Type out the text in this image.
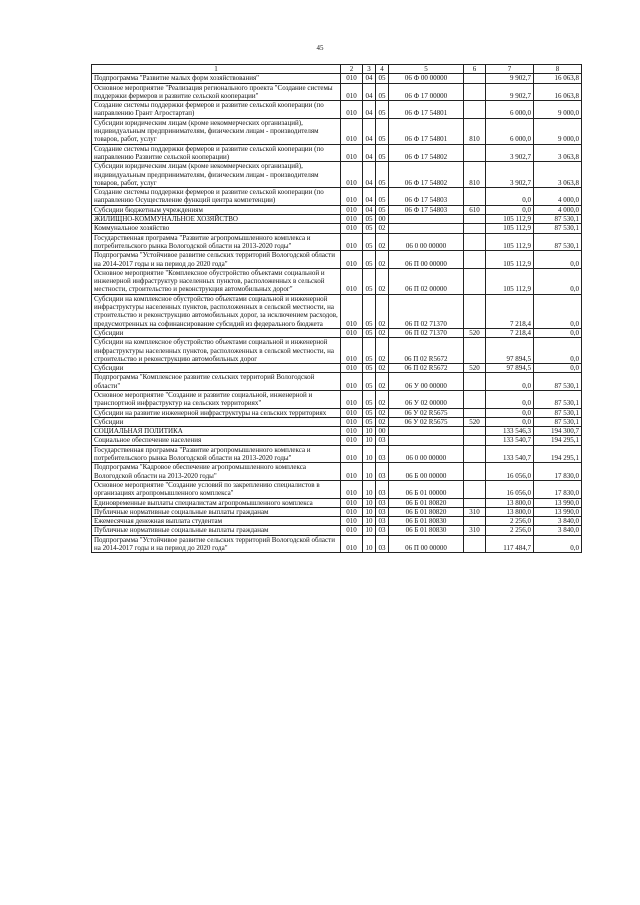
45
1	2	3	4	5	6	7	8
Подпрограмма "Развитие малых форм хозяйствования"	010	04	05	06 Ф 00 00000		9 902,7	16 063,8
Основное мероприятие "Реализация регионального проекта "Создание системы поддержки фермеров и развитие сельской кооперации"	010	04	05	06 Ф 17 00000		9 902,7	16 063,8
Создание системы поддержки фермеров и развитие сельской кооперации (по направлению Грант Агростартап)	010	04	05	06 Ф 17 54801		6 000,0	9 000,0
Субсидии юридическим лицам (кроме некоммерческих организаций), индивидуальным предпринимателям, физическим лицам - производителям товаров, работ, услуг	010	04	05	06 Ф 17 54801	810	6 000,0	9 000,0
Создание системы поддержки фермеров и развитие сельской кооперации (по направлению Развитие сельской кооперации)	010	04	05	06 Ф 17 54802		3 902,7	3 063,8
Субсидии юридическим лицам (кроме некоммерческих организаций), индивидуальным предпринимателям, физическим лицам - производителям товаров, работ, услуг	010	04	05	06 Ф 17 54802	810	3 902,7	3 063,8
Создание системы поддержки фермеров и развитие сельской кооперации (по направлению Осуществление функций центра компетенции)	010	04	05	06 Ф 17 54803		0,0	4 000,0
Субсидии бюджетным учреждениям	010	04	05	06 Ф 17 54803	610	0,0	4 000,0
ЖИЛИЩНО-КОММУНАЛЬНОЕ ХОЗЯЙСТВО	010	05	00			105 112,9	87 530,1
Коммунальное хозяйство	010	05	02			105 112,9	87 530,1
Государственная программа "Развитие агропромышленного комплекса и потребительского рынка Вологодской области на 2013-2020 годы"	010	05	02	06 0 00 00000		105 112,9	87 530,1
Подпрограмма "Устойчивое развитие сельских территорий Вологодской области на 2014-2017 годы и на период до 2020 года"	010	05	02	06 П 00 00000		105 112,9	0,0
Основное мероприятие "Комплексное обустройство объектами социальной и инженерной инфраструктур населенных пунктов, расположенных в сельской местности, строительство и реконструкция автомобильных дорог"	010	05	02	06 П 02 00000		105 112,9	0,0
Субсидии на комплексное обустройство объектами социальной и инженерной инфраструктуры населенных пунктов, расположенных в сельской местности, на строительство и реконструкцию автомобильных дорог, за исключением расходов, предусмотренных на софинансирование субсидий из федерального бюджета	010	05	02	06 П 02 71370		7 218,4	0,0
Субсидии	010	05	02	06 П 02 71370	520	7 218,4	0,0
Субсидии на комплексное обустройство объектами социальной и инженерной инфраструктуры населенных пунктов, расположенных в сельской местности, на строительство и реконструкцию автомобильных дорог	010	05	02	06 П 02 R5672		97 894,5	0,0
Субсидии	010	05	02	06 П 02 R5672	520	97 894,5	0,0
Подпрограмма "Комплексное развитие сельских территорий Вологодской области"	010	05	02	06 У 00 00000		0,0	87 530,1
Основное мероприятие "Создание и развитие социальной, инженерной и транспортной инфраструктур на сельских территориях"	010	05	02	06 У 02 00000		0,0	87 530,1
Субсидии на развитие инженерной инфраструктуры на сельских территориях	010	05	02	06 У 02 R5675		0,0	87 530,1
Субсидии	010	05	02	06 У 02 R5675	520	0,0	87 530,1
СОЦИАЛЬНАЯ ПОЛИТИКА	010	10	00			133 546,3	194 300,7
Социальное обеспечение населения	010	10	03			133 540,7	194 295,1
Государственная программа "Развитие агропромышленного комплекса и потребительского рынка Вологодской области на 2013-2020 годы"	010	10	03	06 0 00 00000		133 540,7	194 295,1
Подпрограмма "Кадровое обеспечение агропромышленного комплекса Вологодской области на 2013-2020 годы"	010	10	03	06 Б 00 00000		16 056,0	17 830,0
Основное мероприятие "Создание условий по закреплению специалистов в организациях агропромышленного комплекса"	010	10	03	06 Б 01 00000		16 056,0	17 830,0
Единовременные выплаты специалистам агропромышленного комплекса	010	10	03	06 Б 01 80820		13 800,0	13 990,0
Публичные нормативные социальные выплаты гражданам	010	10	03	06 Б 01 80820	310	13 800,0	13 990,0
Ежемесячная денежная выплата студентам	010	10	03	06 Б 01 80830		2 256,0	3 840,0
Публичные нормативные социальные выплаты гражданам	010	10	03	06 Б 01 80830	310	2 256,0	3 840,0
Подпрограмма "Устойчивое развитие сельских территорий Вологодской области на 2014-2017 годы и на период до 2020 года"	010	10	03	06 П 00 00000		117 484,7	0,0
